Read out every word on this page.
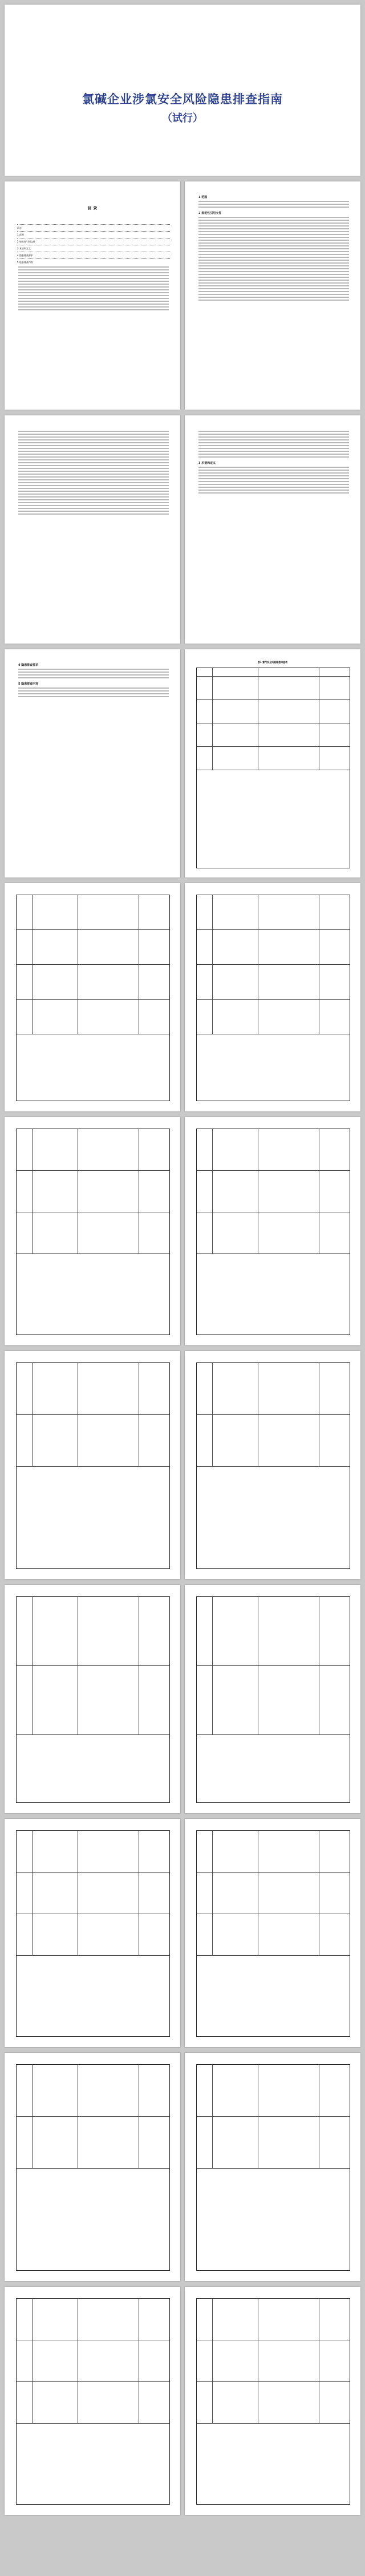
氯碱企业涉氯安全风险隐患排查指南
（试行）
目 录
前言
1 范围
2 规范性引用文件
3 术语和定义
4 隐患排查要求
5 隐患排查内容
1 范围
2 规范性引用文件
3 术语和定义
4 隐患排查要求
5 隐患排查内容
表1 氯气安全风险隐患排查表
